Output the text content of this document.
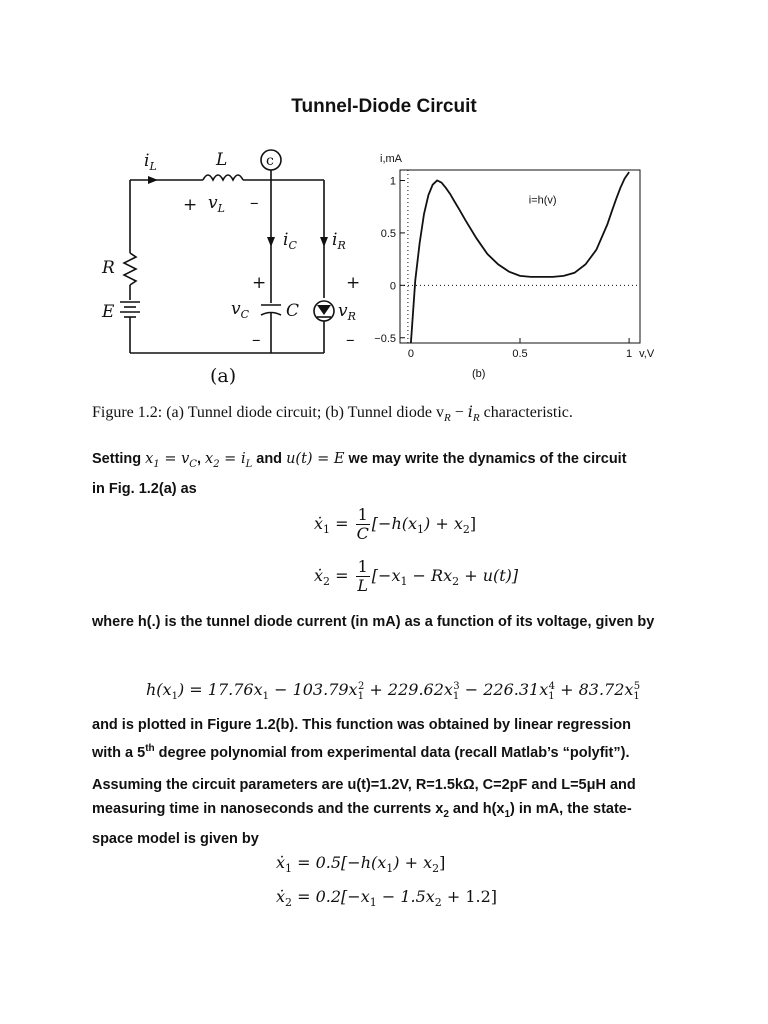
Tunnel-Diode Circuit
$i_L$	L	c
+ $v_L$ –
$i_C$ $i_R$
R
E
+
$v_C$ C
–
+
$v_R$
–
(a)
1
0.5
0
−0.5
0	0.5	1
i,mA
v,V
i=h(v)
(b)
Figure 1.2: (a) Tunnel diode circuit; (b) Tunnel diode $v_R - i_R$ characteristic.
Setting $x_1 = v_C$, $x_2 = i_L$ and u(t) = E we may write the dynamics of the circuit
in Fig. 1.2(a) as
ẋ$_1$ = $\frac{1}{C} [-h(x_1) + x_2]$
ẋ$_2$ = $\frac{1}{L} [-x_1 - Rx_2 + u(t)]$
where h(.) is the tunnel diode current (in mA) as a function of its voltage, given by
$h(x_1) = 17.76x_1 - 103.79x_1^2 + 229.62x_1^3 - 226.31x_1^4 + 83.72x_1^5$
and is plotted in Figure 1.2(b). This function was obtained by linear regression
with a 5th degree polynomial from experimental data (recall Matlab’s “polyfit”).
Assuming the circuit parameters are u(t)=1.2V, R=1.5kΩ, C=2pF and L=5μH and
measuring time in nanoseconds and the currents $x_2$ and $h(x_1)$ in mA, the state-
space model is given by
ẋ$_1$ = $0.5[-h(x_1) + x_2]$
ẋ$_2$ = $0.2[-x_1 - 1.5x_2 + 1.2]$
